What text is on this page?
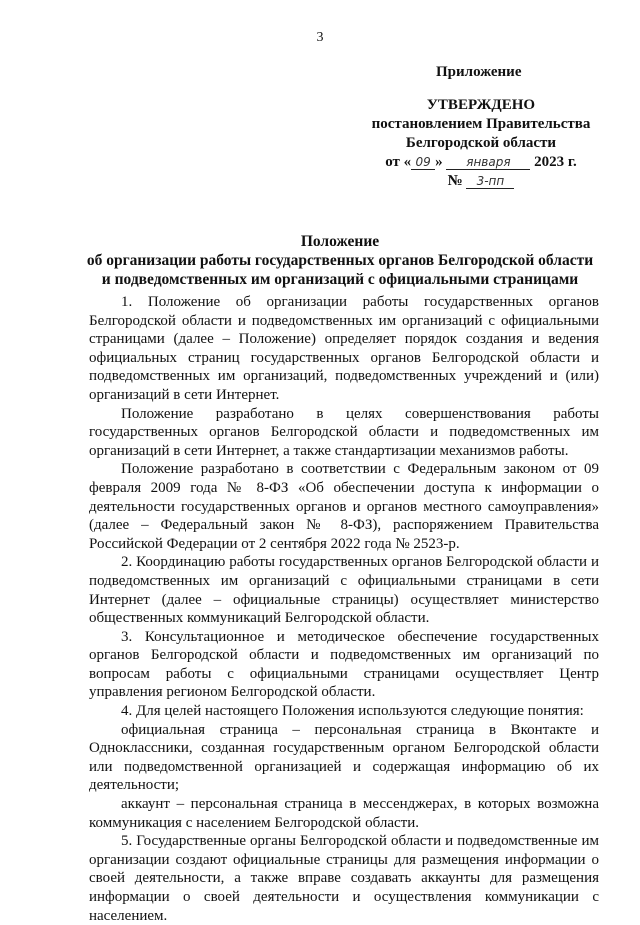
3
Приложение
УТВЕРЖДЕНО
постановлением Правительства
Белгородской области
от « 09 » января 2023 г.
№ 3-пп
Положение
об организации работы государственных органов Белгородской области
и подведомственных им организаций с официальными страницами

1. Положение об организации работы государственных органов Белгородской области и подведомственных им организаций с официальными страницами (далее – Положение) определяет порядок создания и ведения официальных страниц государственных органов Белгородской области и подведомственных им организаций, подведомственных учреждений и (или) организаций в сети Интернет.

Положение разработано в целях совершенствования работы государственных органов Белгородской области и подведомственных им организаций в сети Интернет, а также стандартизации механизмов работы.

Положение разработано в соответствии с Федеральным законом от 09 февраля 2009 года № 8-ФЗ «Об обеспечении доступа к информации о деятельности государственных органов и органов местного самоуправления» (далее – Федеральный закон № 8-ФЗ), распоряжением Правительства Российской Федерации от 2 сентября 2022 года № 2523-р.

2. Координацию работы государственных органов Белгородской области и подведомственных им организаций с официальными страницами в сети Интернет (далее – официальные страницы) осуществляет министерство общественных коммуникаций Белгородской области.

3. Консультационное и методическое обеспечение государственных органов Белгородской области и подведомственных им организаций по вопросам работы с официальными страницами осуществляет Центр управления регионом Белгородской области.

4. Для целей настоящего Положения используются следующие понятия:

официальная страница – персональная страница в Вконтакте и Одноклассники, созданная государственным органом Белгородской области или подведомственной организацией и содержащая информацию об их деятельности;

аккаунт – персональная страница в мессенджерах, в которых возможна коммуникация с населением Белгородской области.

5. Государственные органы Белгородской области и подведомственные им организации создают официальные страницы для размещения информации о своей деятельности, а также вправе создавать аккаунты для размещения информации о своей деятельности и осуществления коммуникации с населением.
